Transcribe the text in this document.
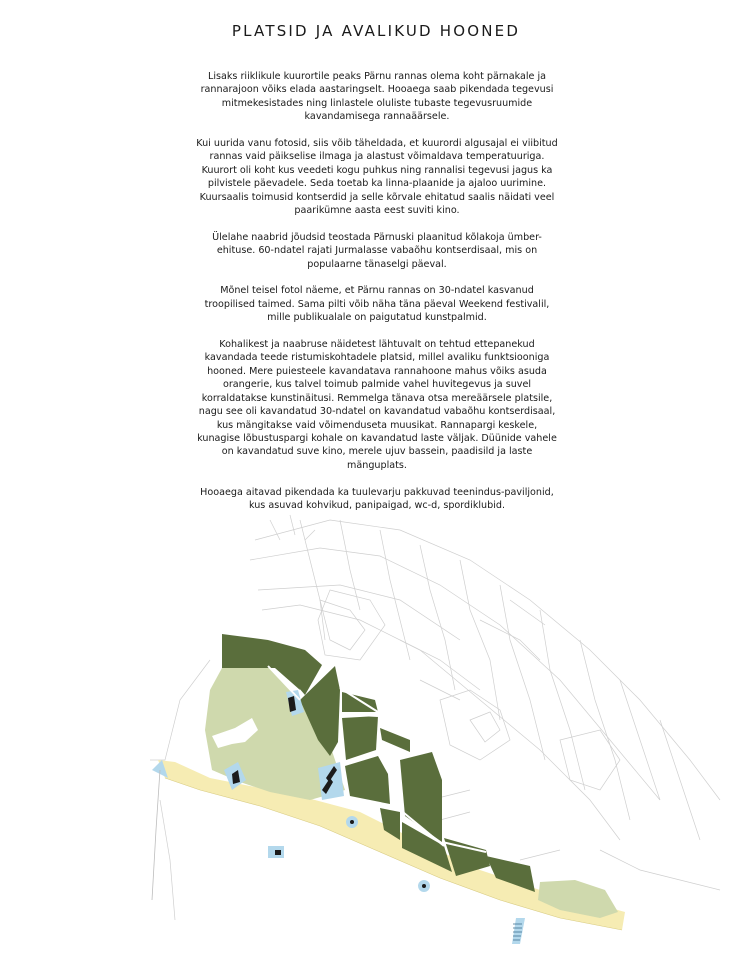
PLATSID JA AVALIKUD HOONED

Lisaks riiklikule kuurortile peaks Pärnu rannas olema koht pärnakale ja rannarajoon võiks elada aastaringselt. Hooaega saab pikendada tegevusi mitmekesistades ning linlastele oluliste tubaste tegevusruumide kavandamisega rannaäärsele.

Kui uurida vanu fotosid, siis võib täheldada, et kuurordi algusajal ei viibitud rannas vaid päikselise ilmaga ja alastust võimaldava temperatuuriga. Kuurort oli koht kus veedeti kogu puhkus ning rannalisi tegevusi jagus ka pilvistele päevadele. Seda toetab ka linna-plaanide ja ajaloo uurimine. Kuursaalis toimusid kontserdid ja selle kõrvale ehitatud saalis näidati veel paarikümne aasta eest suviti kino.

Ülelahe naabrid jõudsid teostada Pärnuski plaanitud kõlakoja ümber-ehituse. 60-ndatel rajati Jurmalasse vabaõhu kontserdisaal, mis on populaarne tänaselgi päeval.

Mõnel teisel fotol näeme, et Pärnu rannas on 30-ndatel kasvanud troopilised taimed. Sama pilti võib näha täna päeval Weekend festivalil, mille publikualale on paigutatud kunstpalmid.

Kohalikest ja naabruse näidetest lähtuvalt on tehtud ettepanekud kavandada teede ristumiskohtadele platsid, millel avaliku funktsiooniga hooned. Mere puiesteele kavandatava rannahoone mahus võiks asuda orangerie, kus talvel toimub palmide vahel huvitegevus ja suvel korraldatakse kunstinäitusi. Remmelga tänava otsa mereäärsele platsile, nagu see oli kavandatud 30-ndatel on kavandatud vabaõhu kontserdisaal, kus mängitakse vaid võimenduseta muusikat. Rannapargi keskele, kunagise lõbustuspargi kohale on kavandatud laste väljak. Düünide vahele on kavandatud suve kino, merele ujuv bassein, paadisild ja laste mänguplats.

Hooaega aitavad pikendada ka tuulevarju pakkuvad teenindus-paviljonid, kus asuvad kohvikud, panipaigad, wc-d, spordiklubid.
